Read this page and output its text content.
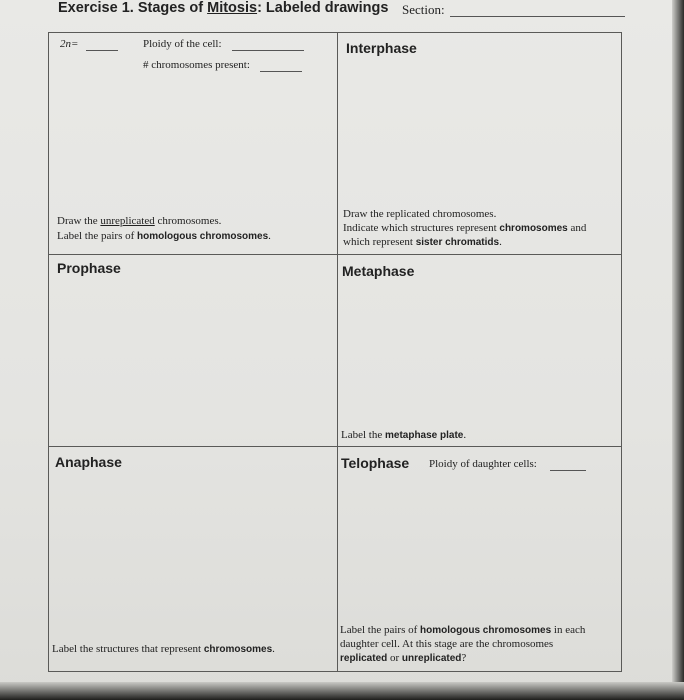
Exercise 1. Stages of Mitosis: Labeled drawings Section:
2n=	Ploidy of the cell:
# chromosomes present:
Draw the unreplicated chromosomes.
Label the pairs of homologous chromosomes.
Interphase
Draw the replicated chromosomes.
Indicate which structures represent chromosomes and
which represent sister chromatids.
Prophase	Metaphase
Label the metaphase plate.
Anaphase
Label the structures that represent chromosomes.
Telophase Ploidy of daughter cells:
Label the pairs of homologous chromosomes in each
daughter cell. At this stage are the chromosomes
replicated or unreplicated?
